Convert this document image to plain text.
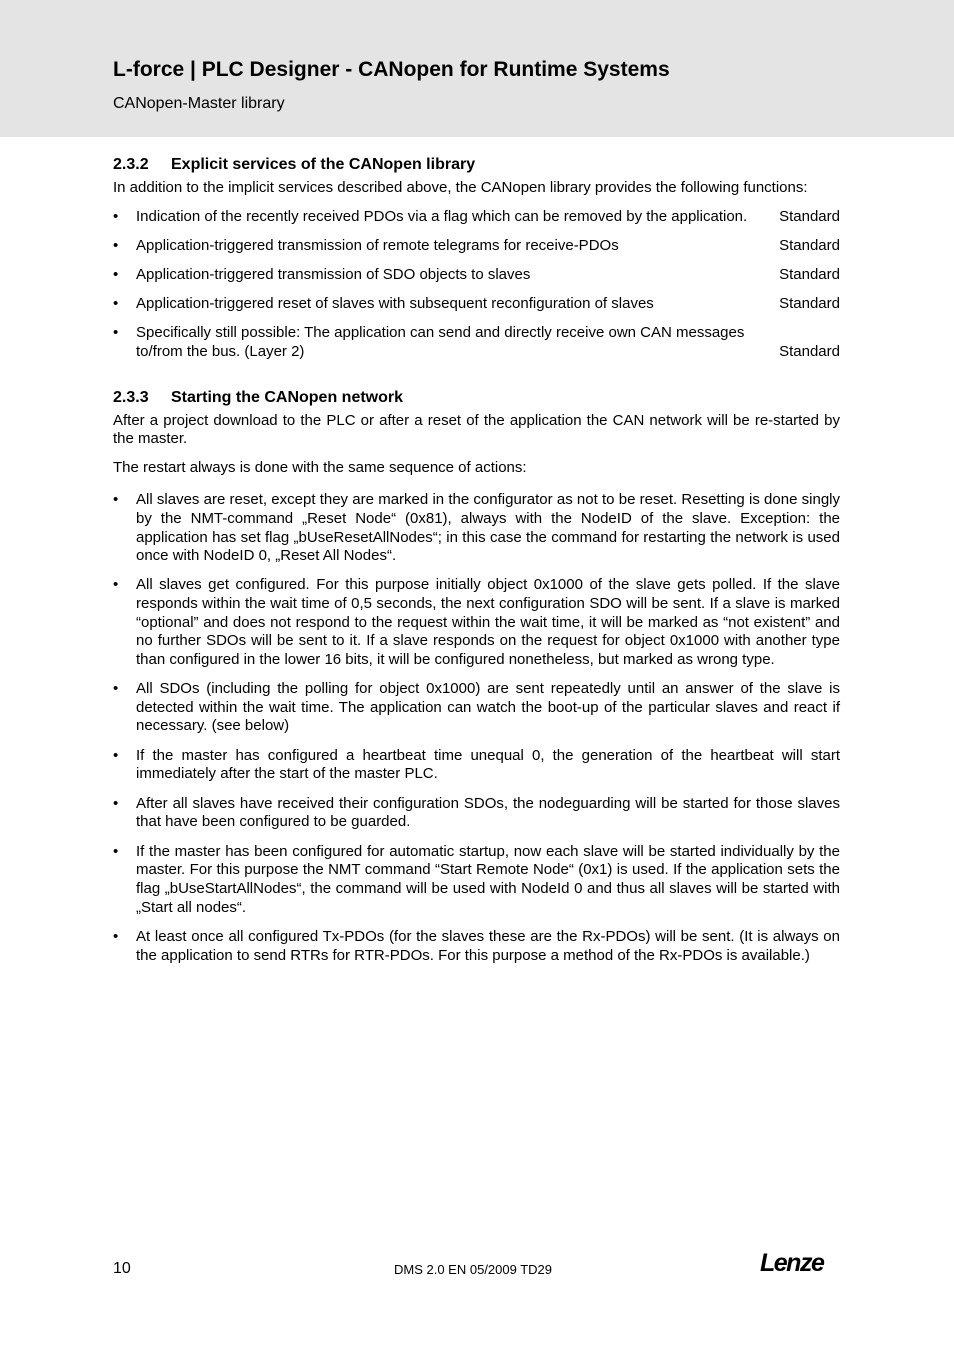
L-force | PLC Designer - CANopen for Runtime Systems
CANopen-Master library
2.3.2 Explicit services of the CANopen library

In addition to the implicit services described above, the CANopen library provides the following functions:

• Indication of the recently received PDOs via a flag which can be removed by the application. Standard
• Application-triggered transmission of remote telegrams for receive-PDOs	Standard
• Application-triggered transmission of SDO objects to slaves	Standard
• Application-triggered reset of slaves with subsequent reconfiguration of slaves	Standard
• Specifically still possible: The application can send and directly receive own CAN messages to/from the bus. (Layer 2)	Standard
2.3.3 Starting the CANopen network

After a project download to the PLC or after a reset of the application the CAN network will be re-started by the master.

The restart always is done with the same sequence of actions:

• All slaves are reset, except they are marked in the configurator as not to be reset. Resetting is done singly by the NMT-command „Reset Node“ (0x81), always with the NodeID of the slave. Exception: the application has set flag „bUseResetAllNodes“; in this case the command for restarting the network is used once with NodeID 0, „Reset All Nodes“.
• All slaves get configured. For this purpose initially object 0x1000 of the slave gets polled. If the slave responds within the wait time of 0,5 seconds, the next configuration SDO will be sent. If a slave is marked “optional” and does not respond to the request within the wait time, it will be marked as “not existent” and no further SDOs will be sent to it. If a slave responds on the request for object 0x1000 with another type than configured in the lower 16 bits, it will be configured nonetheless, but marked as wrong type.
• All SDOs (including the polling for object 0x1000) are sent repeatedly until an answer of the slave is detected within the wait time. The application can watch the boot-up of the particular slaves and react if necessary. (see below)
• If the master has configured a heartbeat time unequal 0, the generation of the heartbeat will start immediately after the start of the master PLC.
• After all slaves have received their configuration SDOs, the nodeguarding will be started for those slaves that have been configured to be guarded.
• If the master has been configured for automatic startup, now each slave will be started individually by the master. For this purpose the NMT command “Start Remote Node“ (0x1) is used. If the application sets the flag „bUseStartAllNodes“, the command will be used with NodeId 0 and thus all slaves will be started with „Start all nodes“.
• At least once all configured Tx-PDOs (for the slaves these are the Rx-PDOs) will be sent. (It is always on the application to send RTRs for RTR-PDOs. For this purpose a method of the Rx-PDOs is available.)
10	DMS 2.0 EN 05/2009 TD29	Lenze
